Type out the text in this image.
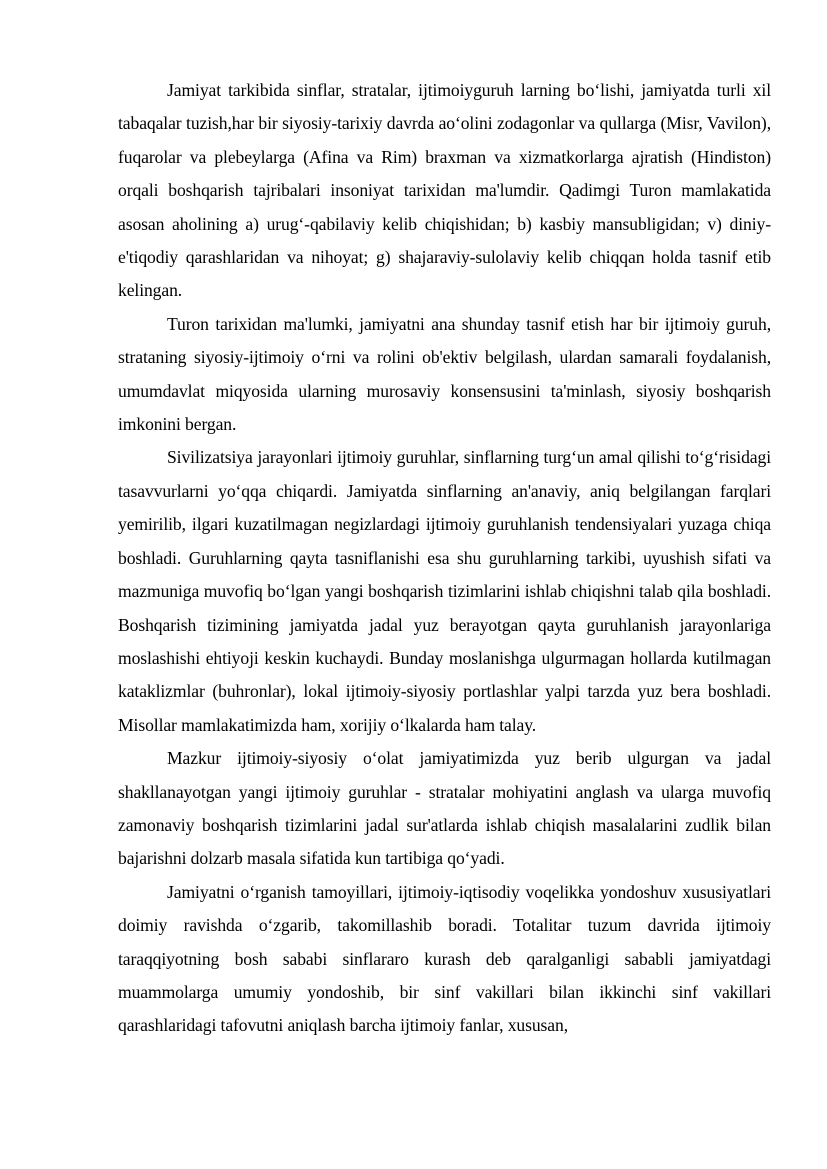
Jamiyat tarkibida sinflar, stratalar, ijtimoiyguruh larning bo‘lishi, jamiyatda turli xil tabaqalar tuzish,har bir siyosiy-tarixiy davrda ao‘olini zodagonlar va qullarga (Misr, Vavilon), fuqarolar va plebeylarga (Afina va Rim) braxman va xizmatkorlarga ajratish (Hindiston) orqali boshqarish tajribalari insoniyat tarixidan ma'lumdir. Qadimgi Turon mamlakatida asosan aholining a) urug‘-qabilaviy kelib chiqishidan; b) kasbiy mansubligidan; v) diniy-e'tiqodiy qarashlaridan va nihoyat; g) shajaraviy-sulolaviy kelib chiqqan holda tasnif etib kelingan.

Turon tarixidan ma'lumki, jamiyatni ana shunday tasnif etish har bir ijtimoiy guruh, strataning siyosiy-ijtimoiy o‘rni va rolini ob'ektiv belgilash, ulardan samarali foydalanish, umumdavlat miqyosida ularning murosaviy konsensusini ta'minlash, siyosiy boshqarish imkonini bergan.

Sivilizatsiya jarayonlari ijtimoiy guruhlar, sinflarning turg‘un amal qilishi to‘g‘risidagi tasavvurlarni yo‘qqa chiqardi. Jamiyatda sinflarning an'anaviy, aniq belgilangan farqlari yemirilib, ilgari kuzatilmagan negizlardagi ijtimoiy guruhlanish tendensiyalari yuzaga chiqa boshladi. Guruhlarning qayta tasniflanishi esa shu guruhlarning tarkibi, uyushish sifati va mazmuniga muvofiq bo‘lgan yangi boshqarish tizimlarini ishlab chiqishni talab qila boshladi. Boshqarish tizimining jamiyatda jadal yuz berayotgan qayta guruhlanish jarayonlariga moslashishi ehtiyoji keskin kuchaydi. Bunday moslanishga ulgurmagan hollarda kutilmagan kataklizmlar (buhronlar), lokal ijtimoiy-siyosiy portlashlar yalpi tarzda yuz bera boshladi. Misollar mamlakatimizda ham, xorijiy o‘lkalarda ham talay.

Mazkur ijtimoiy-siyosiy o‘olat jamiyatimizda yuz berib ulgurgan va jadal shakllanayotgan yangi ijtimoiy guruhlar - stratalar mohiyatini anglash va ularga muvofiq zamonaviy boshqarish tizimlarini jadal sur'atlarda ishlab chiqish masalalarini zudlik bilan bajarishni dolzarb masala sifatida kun tartibiga qo‘yadi.

Jamiyatni o‘rganish tamoyillari, ijtimoiy-iqtisodiy voqelikka yondoshuv xususiyatlari doimiy ravishda o‘zgarib, takomillashib boradi. Totalitar tuzum davrida ijtimoiy taraqqiyotning bosh sababi sinflararo kurash deb qaralganligi sababli jamiyatdagi muammolarga umumiy yondoshib, bir sinf vakillari bilan ikkinchi sinf vakillari qarashlaridagi tafovutni aniqlash barcha ijtimoiy fanlar, xususan,
